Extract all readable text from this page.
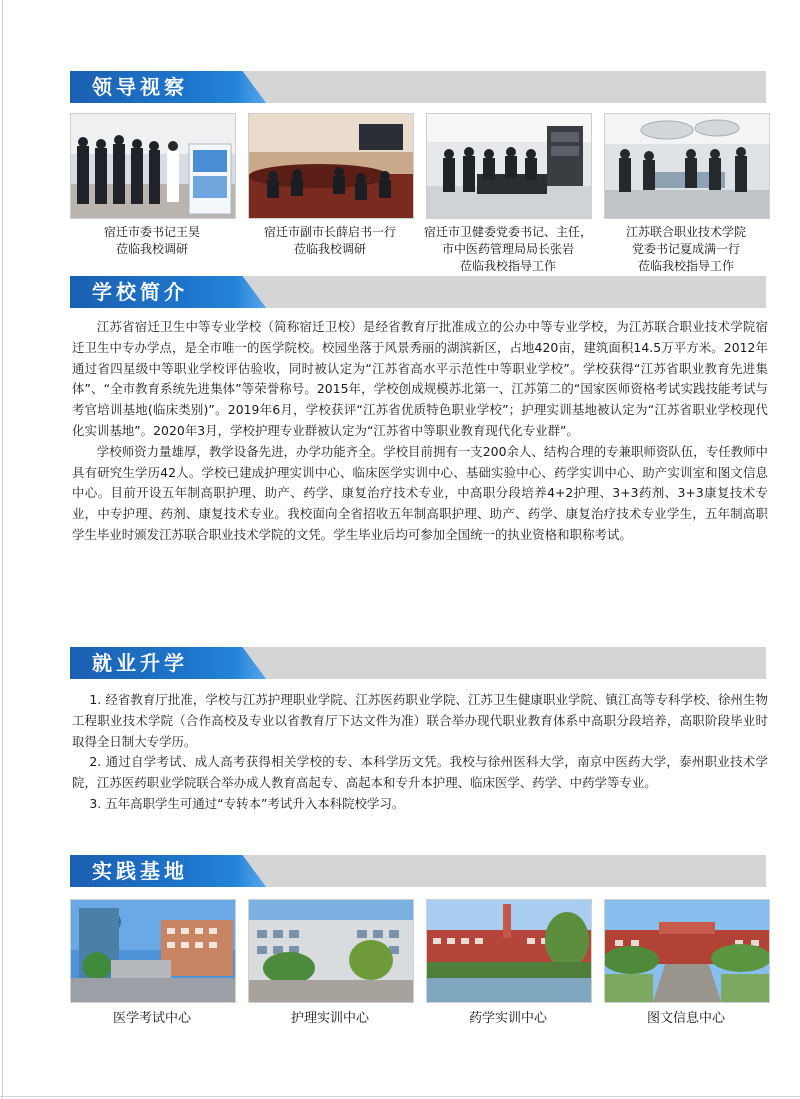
领导视察
宿迁市委书记王昊
莅临我校调研
宿迁市副市长薛启书一行
莅临我校调研
宿迁市卫健委党委书记、主任，
市中医药管理局局长张岩
莅临我校指导工作
江苏联合职业技术学院
党委书记夏成满一行
莅临我校指导工作
学校简介

江苏省宿迁卫生中等专业学校（简称宿迁卫校）是经省教育厅批准成立的公办中等专业学校，为江苏联合职业技术学院宿迁卫生中专办学点，是全市唯一的医学院校。校园坐落于风景秀丽的湖滨新区，占地420亩，建筑面积14.5万平方米。2012年通过省四星级中等职业学校评估验收，同时被认定为“江苏省高水平示范性中等职业学校”。学校获得“江苏省职业教育先进集体”、“全市教育系统先进集体”等荣誉称号。2015年，学校创成规模苏北第一、江苏第二的“国家医师资格考试实践技能考试与考官培训基地(临床类别)”。2019年6月，学校获评“江苏省优质特色职业学校”；护理实训基地被认定为“江苏省职业学校现代化实训基地”。2020年3月，学校护理专业群被认定为“江苏省中等职业教育现代化专业群”。

学校师资力量雄厚，教学设备先进，办学功能齐全。学校目前拥有一支200余人、结构合理的专兼职师资队伍，专任教师中具有研究生学历42人。学校已建成护理实训中心、临床医学实训中心、基础实验中心、药学实训中心、助产实训室和图文信息中心。目前开设五年制高职护理、助产、药学、康复治疗技术专业，中高职分段培养4+2护理、3+3药剂、3+3康复技术专业，中专护理、药剂、康复技术专业。我校面向全省招收五年制高职护理、助产、药学、康复治疗技术专业学生，五年制高职学生毕业时颁发江苏联合职业技术学院的文凭。学生毕业后均可参加全国统一的执业资格和职称考试。

就业升学

1. 经省教育厅批准，学校与江苏护理职业学院、江苏医药职业学院、江苏卫生健康职业学院、镇江高等专科学校、徐州生物工程职业技术学院（合作高校及专业以省教育厅下达文件为准）联合举办现代职业教育体系中高职分段培养，高职阶段毕业时取得全日制大专学历。

2. 通过自学考试、成人高考获得相关学校的专、本科学历文凭。我校与徐州医科大学，南京中医药大学，泰州职业技术学院，江苏医药职业学院联合举办成人教育高起专、高起本和专升本护理、临床医学、药学、中药学等专业。

3. 五年高职学生可通过“专转本”考试升入本科院校学习。

实践基地
医学考试中心	护理实训中心	药学实训中心	图文信息中心
